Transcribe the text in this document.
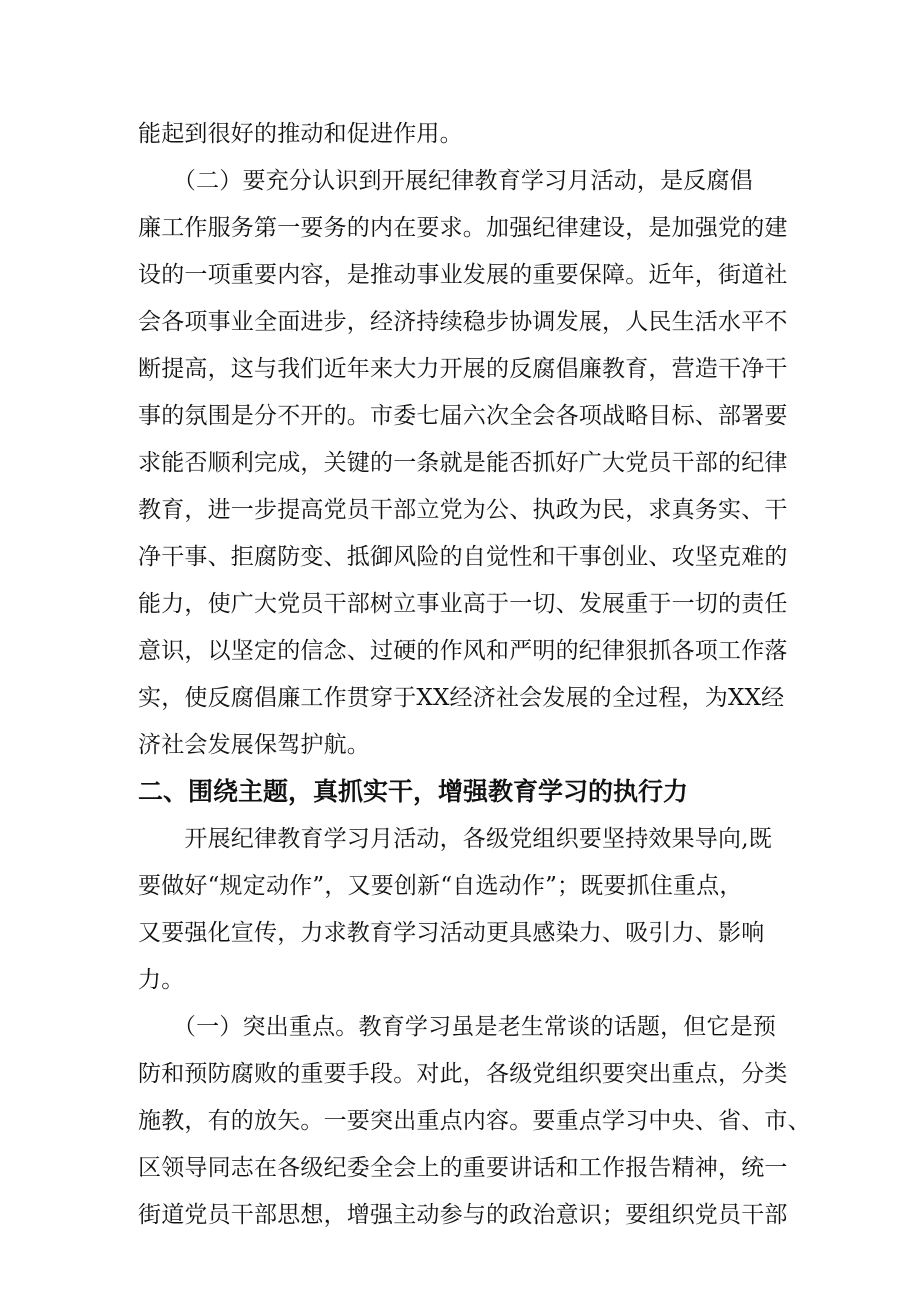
能起到很好的推动和促进作用。
　　（二）要充分认识到开展纪律教育学习月活动，是反腐倡
廉工作服务第一要务的内在要求。加强纪律建设，是加强党的建
设的一项重要内容，是推动事业发展的重要保障。近年，街道社
会各项事业全面进步，经济持续稳步协调发展，人民生活水平不
断提高，这与我们近年来大力开展的反腐倡廉教育，营造干净干
事的氛围是分不开的。市委七届六次全会各项战略目标、部署要
求能否顺利完成，关键的一条就是能否抓好广大党员干部的纪律
教育，进一步提高党员干部立党为公、执政为民，求真务实、干
净干事、拒腐防变、抵御风险的自觉性和干事创业、攻坚克难的
能力，使广大党员干部树立事业高于一切、发展重于一切的责任
意识，以坚定的信念、过硬的作风和严明的纪律狠抓各项工作落
实，使反腐倡廉工作贯穿于XX经济社会发展的全过程，为XX经
济社会发展保驾护航。
二、围绕主题，真抓实干，增强教育学习的执行力
　　开展纪律教育学习月活动，各级党组织要坚持效果导向,既
要做好“规定动作”，又要创新“自选动作”；既要抓住重点，
又要强化宣传，力求教育学习活动更具感染力、吸引力、影响
力。
　　（一）突出重点。教育学习虽是老生常谈的话题，但它是预
防和预防腐败的重要手段。对此，各级党组织要突出重点，分类
施教，有的放矢。一要突出重点内容。要重点学习中央、省、市、
区领导同志在各级纪委全会上的重要讲话和工作报告精神，统一
街道党员干部思想，增强主动参与的政治意识；要组织党员干部
